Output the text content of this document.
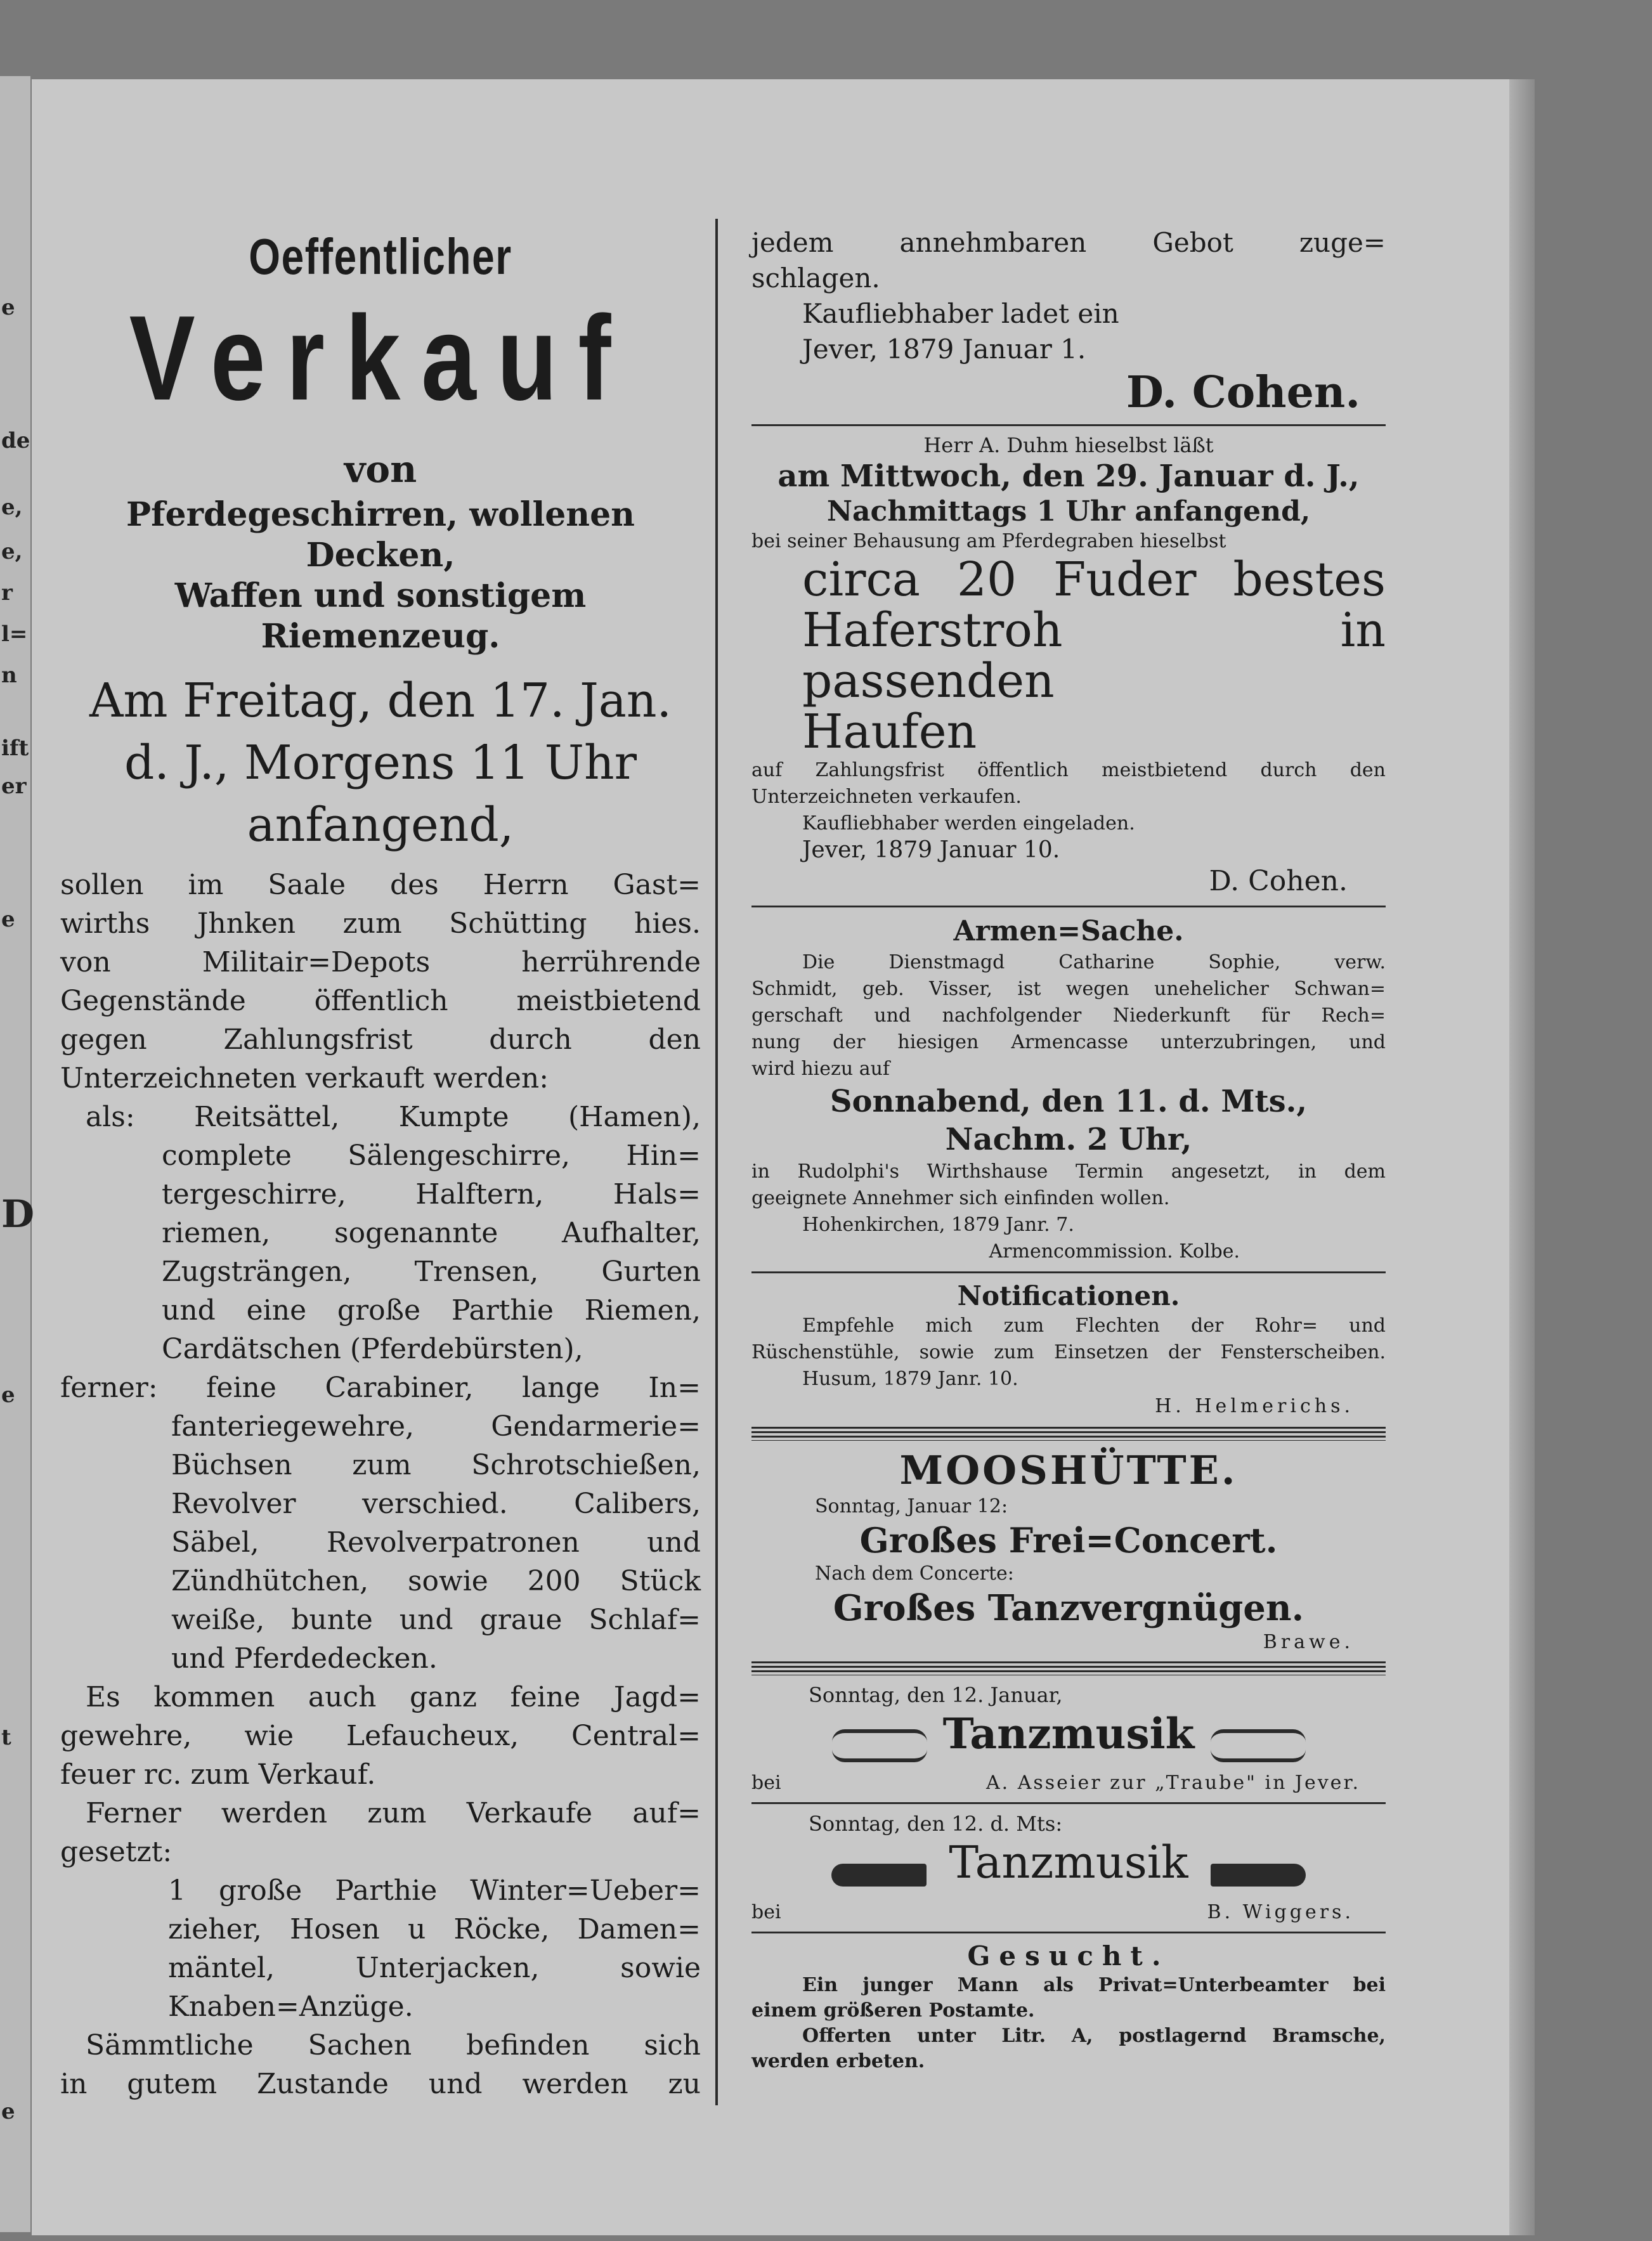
e
de
e,
e,
r
l=
n
ift
er
e
D
e
t
e

Oeffentlicher

Verkauf

von

Pferdegeschirren, wollenen Decken,

Waffen und sonstigem

Riemenzeug.

Am Freitag, den 17. Jan.

d. J., Morgens 11 Uhr

anfangend,

sollen im Saale des Herrn Gast=

wirths Jhnken zum Schütting hies.

von Militair=Depots herrührende

Gegenstände öffentlich meistbietend

gegen Zahlungsfrist durch den

Unterzeichneten verkauft werden:

als: Reitsättel, Kumpte (Hamen),

complete Sälengeschirre, Hin=

tergeschirre, Halftern, Hals=

riemen, sogenannte Aufhalter,

Zugsträngen, Trensen, Gurten

und eine große Parthie Riemen,

Cardätschen (Pferdebürsten),

ferner: feine Carabiner, lange In=

fanteriegewehre, Gendarmerie=

Büchsen zum Schrotschießen,

Revolver verschied. Calibers,

Säbel, Revolverpatronen und

Zündhütchen, sowie 200 Stück

weiße, bunte und graue Schlaf=

und Pferdedecken.

Es kommen auch ganz feine Jagd=

gewehre, wie Lefaucheux, Central=

feuer rc. zum Verkauf.

Ferner werden zum Verkaufe auf=

gesetzt:

1 große Parthie Winter=Ueber=

zieher, Hosen u Röcke, Damen=

mäntel, Unterjacken, sowie

Knaben=Anzüge.

Sämmtliche Sachen befinden sich

in gutem Zustande und werden zu

jedem annehmbaren Gebot zuge=

schlagen.

Kaufliebhaber ladet ein

Jever, 1879 Januar 1.

D. Cohen.

Herr A. Duhm hieselbst läßt

am Mittwoch, den 29. Januar d. J.,

Nachmittags 1 Uhr anfangend,

bei seiner Behausung am Pferdegraben hieselbst

circa 20 Fuder bestes

Haferstroh in passenden

Haufen

auf Zahlungsfrist öffentlich meistbietend durch den

Unterzeichneten verkaufen.

Kaufliebhaber werden eingeladen.

Jever, 1879 Januar 10.

D. Cohen.

Armen=Sache.

Die Dienstmagd Catharine Sophie, verw.

Schmidt, geb. Visser, ist wegen unehelicher Schwan=

gerschaft und nachfolgender Niederkunft für Rech=

nung der hiesigen Armencasse unterzubringen, und

wird hiezu auf

Sonnabend, den 11. d. Mts.,

Nachm. 2 Uhr,

in Rudolphi's Wirthshause Termin angesetzt, in dem

geeignete Annehmer sich einfinden wollen.

Hohenkirchen, 1879 Janr. 7.

Armencommission. Kolbe.

Notificationen.

Empfehle mich zum Flechten der Rohr= und

Rüschenstühle, sowie zum Einsetzen der Fensterscheiben.

Husum, 1879 Janr. 10.

H. Helmerichs.

MOOSHÜTTE.

Sonntag, Januar 12:

Großes Frei=Concert.

Nach dem Concerte:

Großes Tanzvergnügen.

Brawe.

Sonntag, den 12. Januar,

Tanzmusik

bei	A. Asseier zur „Traube" in Jever.

Sonntag, den 12. d. Mts:

Tanzmusik

bei	B. Wiggers.

Gesucht.

Ein junger Mann als Privat=Unterbeamter bei

einem größeren Postamte.

Offerten unter Litr. A, postlagernd Bramsche,

werden erbeten.
